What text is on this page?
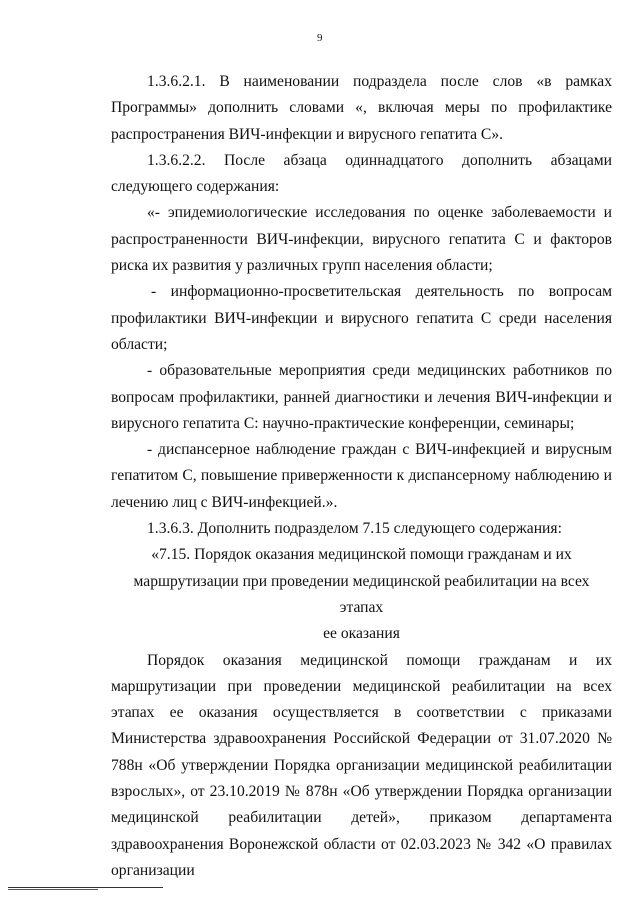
9

1.3.6.2.1. В наименовании подраздела после слов «в рамках Программы» дополнить словами «, включая меры по профилактике распространения ВИЧ-инфекции и вирусного гепатита С».

1.3.6.2.2. После абзаца одиннадцатого дополнить абзацами следующего содержания:

«- эпидемиологические исследования по оценке заболеваемости и распространенности ВИЧ-инфекции, вирусного гепатита С и факторов риска их развития у различных групп населения области;

- информационно-просветительская деятельность по вопросам профилактики ВИЧ-инфекции и вирусного гепатита С среди населения области;

- образовательные мероприятия среди медицинских работников по вопросам профилактики, ранней диагностики и лечения ВИЧ-инфекции и вирусного гепатита С: научно-практические конференции, семинары;

- диспансерное наблюдение граждан с ВИЧ-инфекцией и вирусным гепатитом С, повышение приверженности к диспансерному наблюдению и лечению лиц с ВИЧ-инфекцией.».

1.3.6.3. Дополнить подразделом 7.15 следующего содержания:

«7.15. Порядок оказания медицинской помощи гражданам и их

маршрутизации при проведении медицинской реабилитации на всех этапах

ее оказания

Порядок оказания медицинской помощи гражданам и их маршрутизации при проведении медицинской реабилитации на всех этапах ее оказания осуществляется в соответствии с приказами Министерства здравоохранения Российской Федерации от 31.07.2020 № 788н «Об утверждении Порядка организации медицинской реабилитации взрослых», от 23.10.2019 № 878н «Об утверждении Порядка организации медицинской реабилитации детей», приказом департамента здравоохранения Воронежской области от 02.03.2023 № 342 «О правилах организации
